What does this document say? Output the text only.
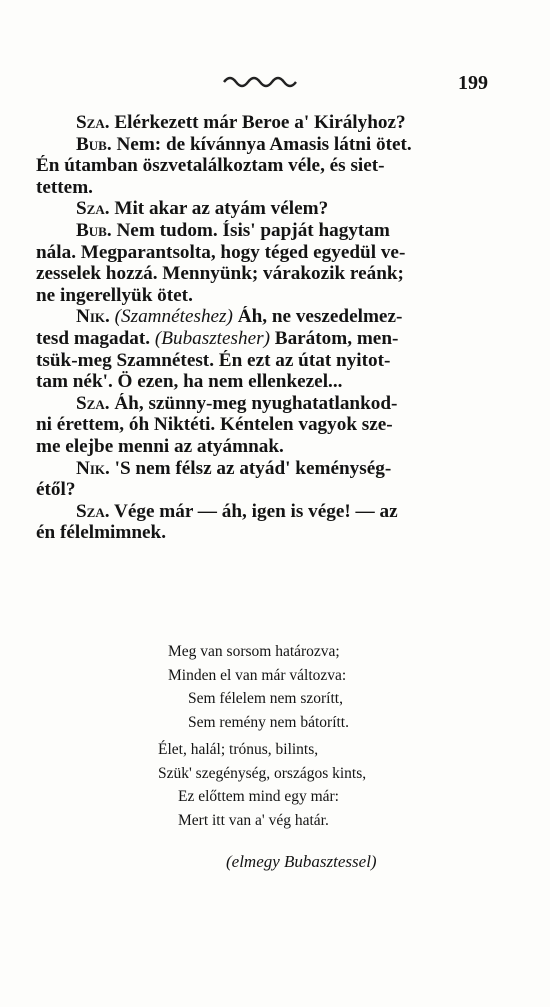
199
Sza. Elérkezett már Beroe a' Királyhoz?
Bub. Nem: de kívánnya Amasis látni ötet.
Én útamban öszvetalálkoztam véle, és siet-
tettem.
Sza. Mit akar az atyám vélem?
Bub. Nem tudom. Ísis' papját hagytam
nála. Megparantsolta, hogy téged egyedül ve-
zesselek hozzá. Mennyünk; várakozik reánk;
ne ingerellyük ötet.
Nik. (Szamnéteshez) Áh, ne veszedelmez-
tesd magadat. (Bubasztesher) Barátom, men-
tsük-meg Szamnétest. Én ezt az útat nyitot-
tam nék'. Ö ezen, ha nem ellenkezel...
Sza. Áh, szünny-meg nyughatatlankod-
ni érettem, óh Niktéti. Kéntelen vagyok sze-
me elejbe menni az atyámnak.
Nik. 'S nem félsz az atyád' keménység-
étől?
Sza. Vége már — áh, igen is vége! — az
én félelmimnek.
Meg van sorsom határozva;
Minden el van már változva:
Sem félelem nem szorítt,
Sem remény nem bátorítt.
Élet, halál; trónus, bilints,
Szük' szegénység, országos kints,
Ez előttem mind egy már:
Mert itt van a' vég határ.
(elmegy Bubasztessel)
